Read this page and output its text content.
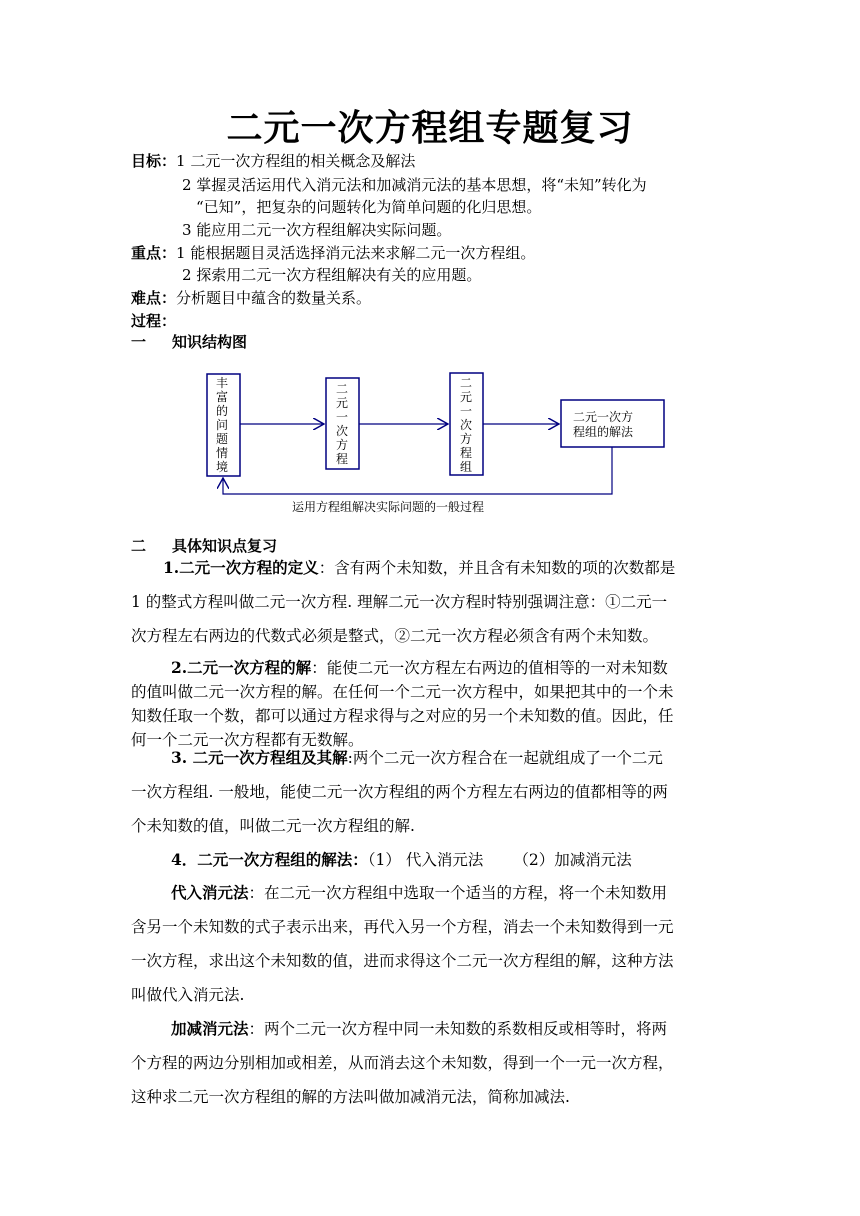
二元一次方程组专题复习
目标：1 二元一次方程组的相关概念及解法
2 掌握灵活运用代入消元法和加减消元法的基本思想，将“未知”转化为
“已知”，把复杂的问题转化为简单问题的化归思想。
3 能应用二元一次方程组解决实际问题。
重点：1 能根据题目灵活选择消元法来求解二元一次方程组。
2 探索用二元一次方程组解决有关的应用题。
难点：分析题目中蕴含的数量关系。
过程：
一 知识结构图
丰
富
的
问
题
情
境
二
元
一
次
方
程
二
元
一
次
方
程
组
二元一次方
程组的解法
运用方程组解决实际问题的一般过程
二 具体知识点复习
1.二元一次方程的定义：含有两个未知数，并且含有未知数的项的次数都是
1 的整式方程叫做二元一次方程. 理解二元一次方程时特别强调注意：①二元一
次方程左右两边的代数式必须是整式，②二元一次方程必须含有两个未知数。
2.二元一次方程的解：能使二元一次方程左右两边的值相等的一对未知数
的值叫做二元一次方程的解。在任何一个二元一次方程中，如果把其中的一个未
知数任取一个数，都可以通过方程求得与之对应的另一个未知数的值。因此，任
何一个二元一次方程都有无数解。
3. 二元一次方程组及其解:两个二元一次方程合在一起就组成了一个二元
一次方程组. 一般地，能使二元一次方程组的两个方程左右两边的值都相等的两
个未知数的值，叫做二元一次方程组的解.
4．二元一次方程组的解法：（1） 代入消元法 （2）加减消元法
代入消元法：在二元一次方程组中选取一个适当的方程，将一个未知数用
含另一个未知数的式子表示出来，再代入另一个方程，消去一个未知数得到一元
一次方程，求出这个未知数的值，进而求得这个二元一次方程组的解，这种方法
叫做代入消元法.
加减消元法：两个二元一次方程中同一未知数的系数相反或相等时，将两
个方程的两边分别相加或相差，从而消去这个未知数，得到一个一元一次方程，
这种求二元一次方程组的解的方法叫做加减消元法，简称加减法.
